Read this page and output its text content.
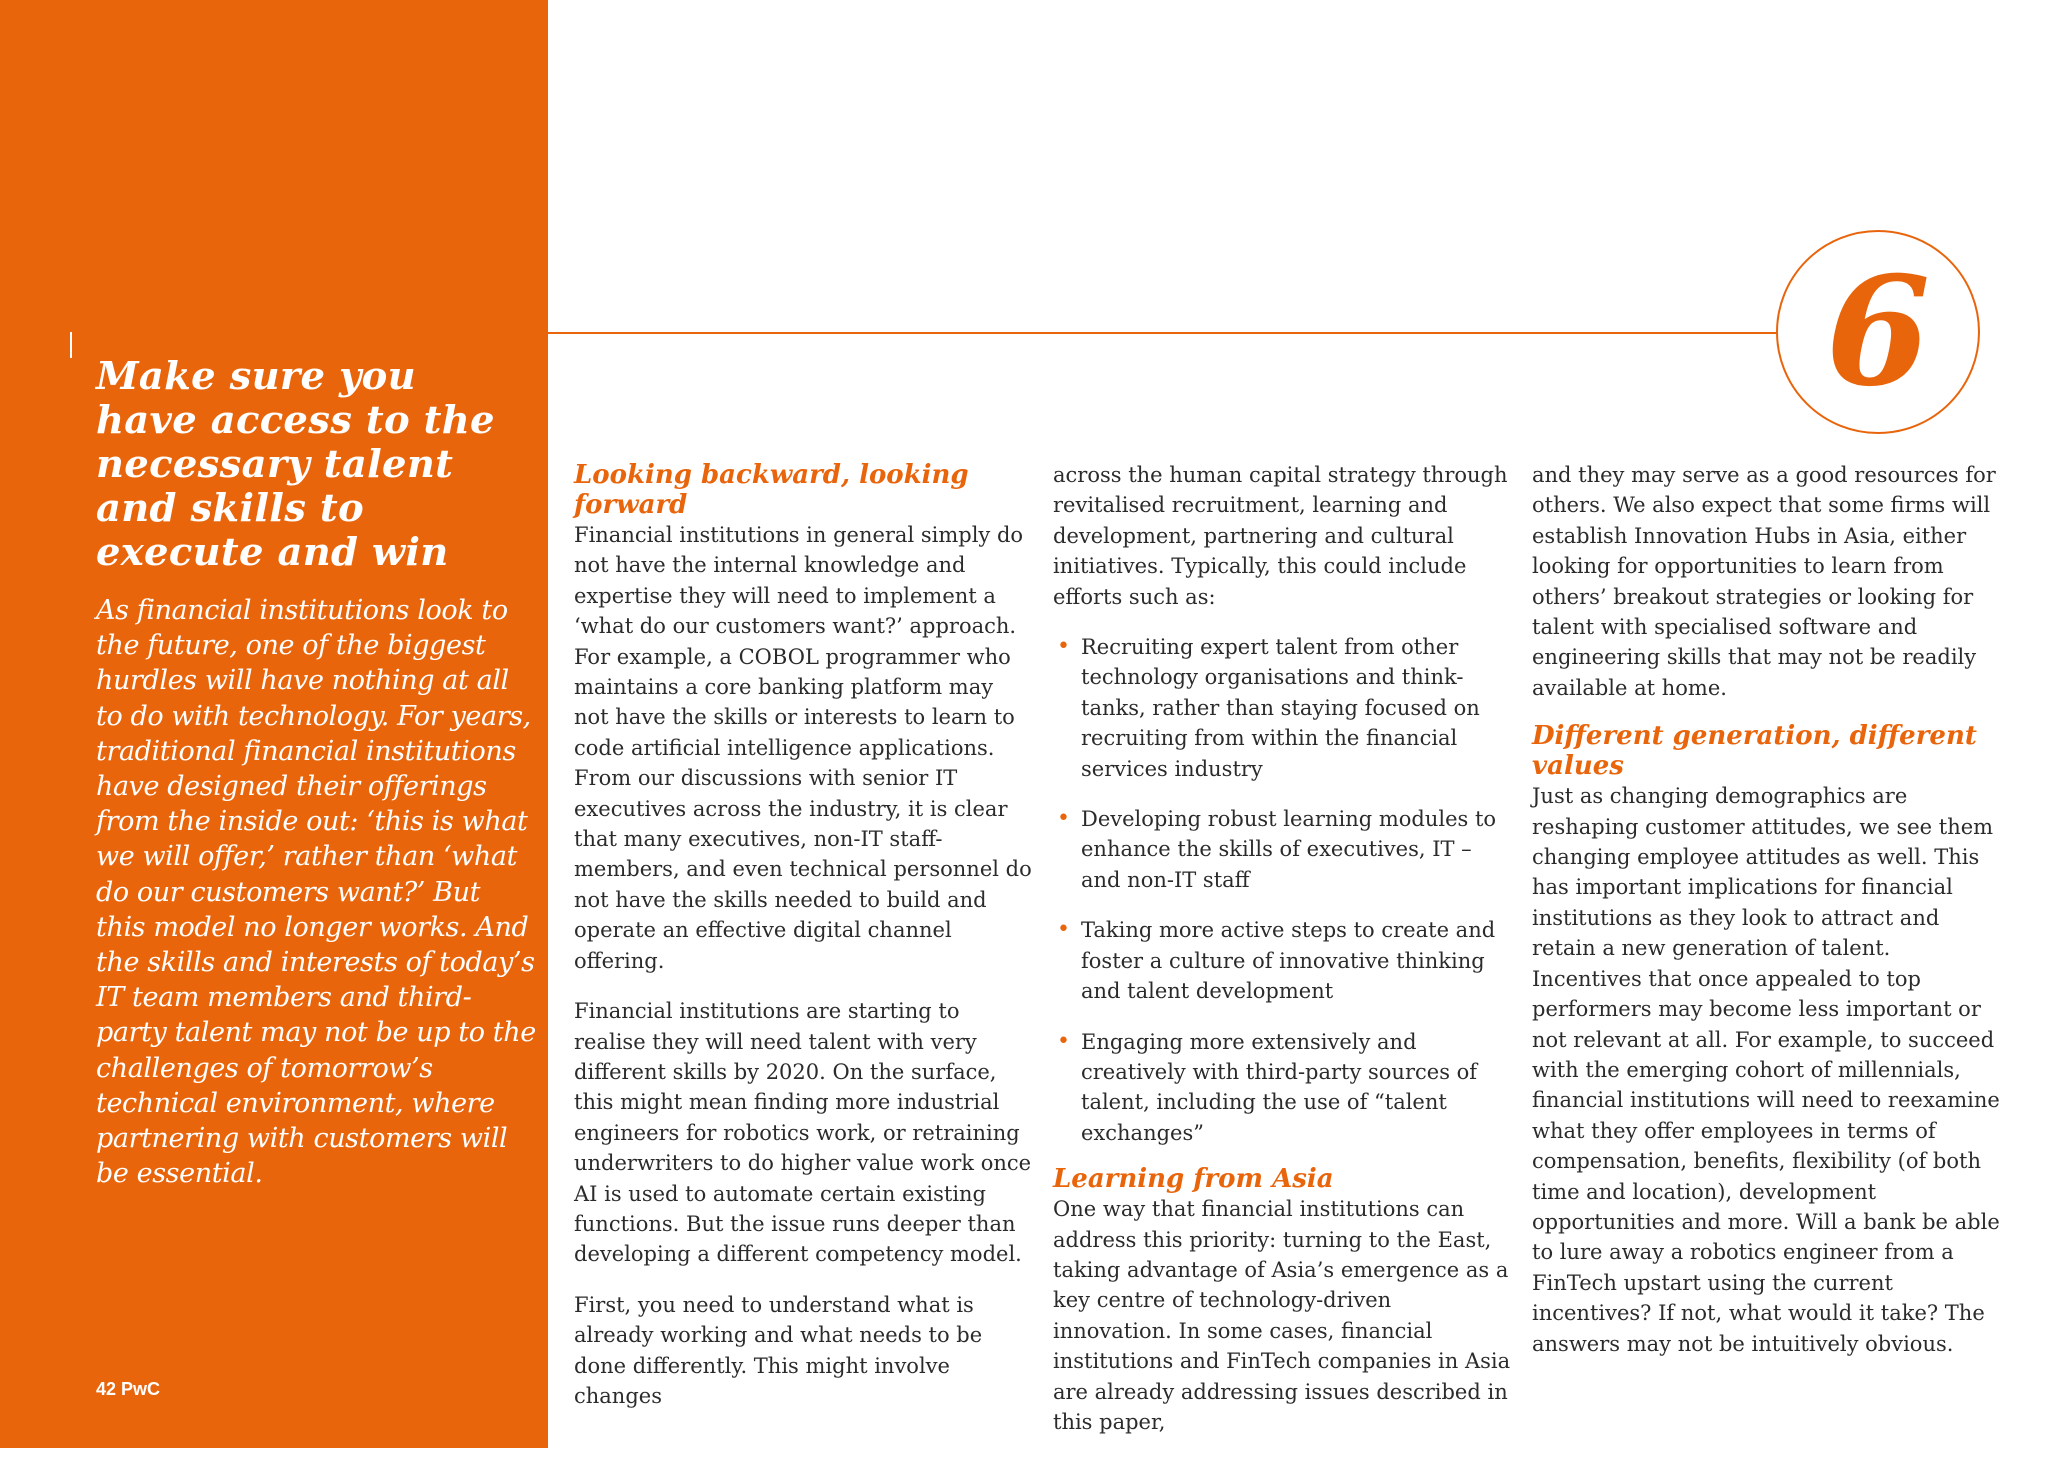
6
Make sure you have access to the necessary talent and skills to execute and win

As financial institutions look to the future, one of the biggest hurdles will have nothing at all to do with technology. For years, traditional financial institutions have designed their offerings from the inside out: ‘this is what we will offer,’ rather than ‘what do our customers want?’ But this model no longer works. And the skills and interests of today’s IT team members and third-party talent may not be up to the challenges of tomorrow’s technical environment, where partnering with customers will be essential.

42 PwC
Looking backward, looking forward

Financial institutions in general simply do not have the internal knowledge and expertise they will need to implement a ‘what do our customers want?’ approach. For example, a COBOL programmer who maintains a core banking platform may not have the skills or interests to learn to code artificial intelligence applications. From our discussions with senior IT executives across the industry, it is clear that many executives, non-IT staff-members, and even technical personnel do not have the skills needed to build and operate an effective digital channel offering.

Financial institutions are starting to realise they will need talent with very different skills by 2020. On the surface, this might mean finding more industrial engineers for robotics work, or retraining underwriters to do higher value work once AI is used to automate certain existing functions. But the issue runs deeper than developing a different competency model.

First, you need to understand what is already working and what needs to be done differently. This might involve changes

across the human capital strategy through revitalised recruitment, learning and development, partnering and cultural initiatives. Typically, this could include efforts such as:

• Recruiting expert talent from other technology organisations and think-tanks, rather than staying focused on recruiting from within the financial services industry
• Developing robust learning modules to enhance the skills of executives, IT – and non-IT staff
• Taking more active steps to create and foster a culture of innovative thinking and talent development
• Engaging more extensively and creatively with third-party sources of talent, including the use of “talent exchanges”
Learning from Asia

One way that financial institutions can address this priority: turning to the East, taking advantage of Asia’s emergence as a key centre of technology-driven innovation. In some cases, financial institutions and FinTech companies in Asia are already addressing issues described in this paper,

and they may serve as a good resources for others. We also expect that some firms will establish Innovation Hubs in Asia, either looking for opportunities to learn from others’ breakout strategies or looking for talent with specialised software and engineering skills that may not be readily available at home.

Different generation, different values

Just as changing demographics are reshaping customer attitudes, we see them changing employee attitudes as well. This has important implications for financial institutions as they look to attract and retain a new generation of talent. Incentives that once appealed to top performers may become less important or not relevant at all. For example, to succeed with the emerging cohort of millennials, financial institutions will need to reexamine what they offer employees in terms of compensation, benefits, flexibility (of both time and location), development opportunities and more. Will a bank be able to lure away a robotics engineer from a FinTech upstart using the current incentives? If not, what would it take? The answers may not be intuitively obvious.
